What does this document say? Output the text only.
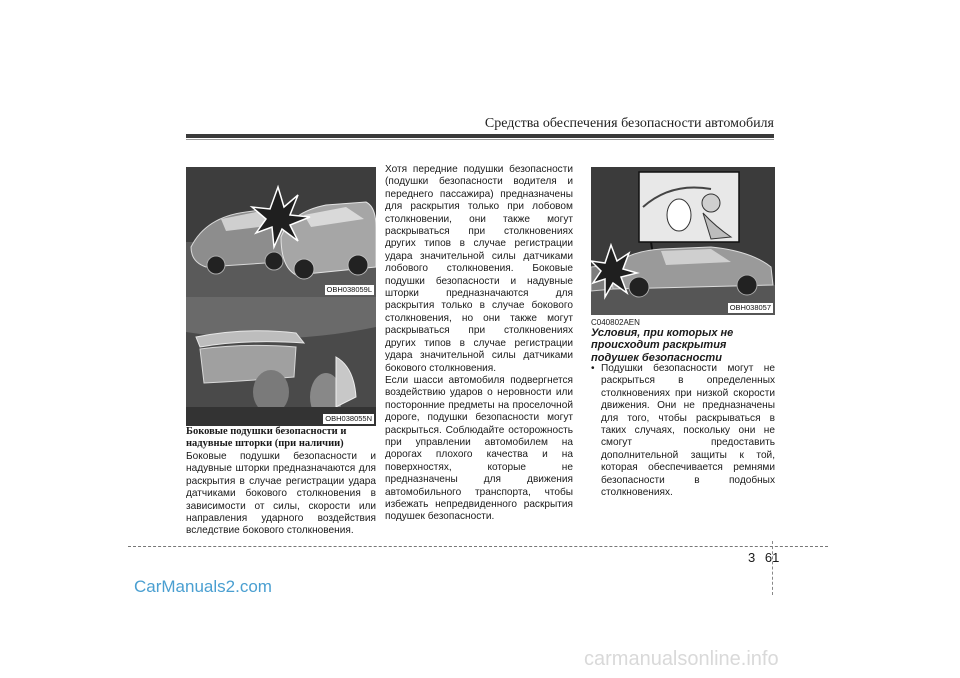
Средства обеспечения безопасности автомобиля
OBH038059L
OBH038055N
Боковые подушки безопасности и надувные шторки (при наличии)
Боковые подушки безопасности и надувные шторки предназначаются для раскрытия в случае регистрации удара датчиками бокового столкновения в зависимости от силы, скорости или направления ударного воздействия вследствие бокового столкновения.
Хотя передние подушки безопасности (подушки безопасности водителя и переднего пассажира) предназначены для раскрытия только при лобовом столкновении, они также могут раскрываться при столкновениях других типов в случае регистрации удара значительной силы датчиками лобового столкновения. Боковые подушки безопасности и надувные шторки предназначаются для раскрытия только в случае бокового столкновения, но они также могут раскрываться при столкновениях других типов в случае регистрации удара значительной силы датчиками бокового столкновения.
Если шасси автомобиля подвергнется воздействию ударов о неровности или посторонние предметы на проселочной дороге, подушки безопасности могут раскрыться. Соблюдайте осторожность при управлении автомобилем на дорогах плохого качества и на поверхностях, которые не предназначены для движения автомобильного транспорта, чтобы избежать непредвиденного раскрытия подушек безопасности.
OBH038057
C040802AEN
Условия, при которых не происходит раскрытия подушек безопасности
• Подушки безопасности могут не раскрыться в определенных столкновениях при низкой скорости движения. Они не предназначены для того, чтобы раскрываться в таких случаях, поскольку они не смогут предоставить дополнительной защиты к той, которая обеспечивается ремнями безопасности в подобных столкновениях.
3 61
CarManuals2.com
carmanualsonline.info
